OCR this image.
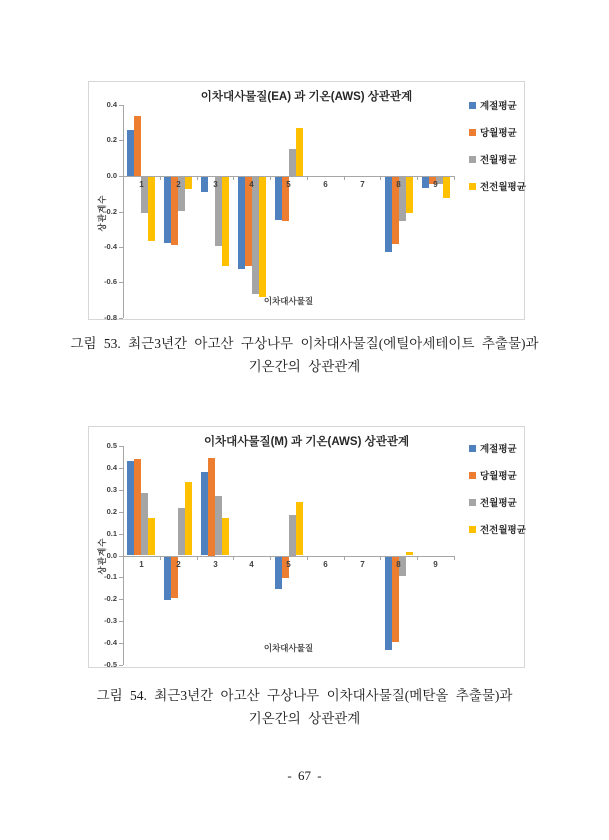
이차대사물질(EA) 과 기온(AWS) 상관관계
상관계수
이차대사물질
0.4
0.2
0.0
-0.2
-0.4
-0.6
-0.8
1	2	3	4	5	6	7	8	9
계절평균
당월평균
전월평균
전전월평균
그림 53. 최근3년간 아고산 구상나무 이차대사물질(에틸아세테이트 추출물)과
기온간의 상관관계
이차대사물질(M) 과 기온(AWS) 상관관계
상관계수
이차대사물질
0.5
0.4
0.3
0.2
0.1
0.0
-0.1
-0.2
-0.3
-0.4
-0.5
1	2	3	4	5	6	7	8	9
계절평균
당월평균
전월평균
전전월평균
그림 54. 최근3년간 아고산 구상나무 이차대사물질(메탄올 추출물)과
기온간의 상관관계
- 67 -
